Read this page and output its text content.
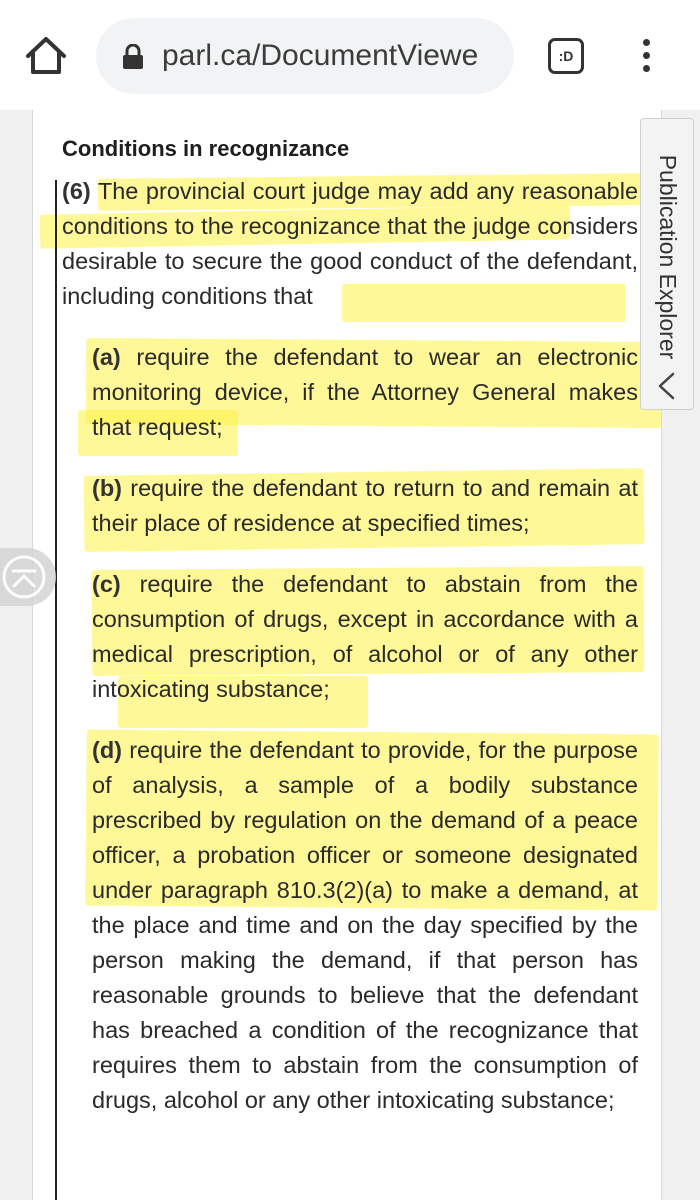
parl.ca/DocumentViewe	:D
Conditions in recognizance

(6) The provincial court judge may add any reasonable conditions to the recognizance that the judge considers desirable to secure the good conduct of the defendant, including conditions that

(a) require the defendant to wear an electronic monitoring device, if the Attorney General makes that request;

(b) require the defendant to return to and remain at their place of residence at specified times;

(c) require the defendant to abstain from the consumption of drugs, except in accordance with a medical prescription, of alcohol or of any other intoxicating substance;

(d) require the defendant to provide, for the purpose of analysis, a sample of a bodily substance prescribed by regulation on the demand of a peace officer, a probation officer or someone designated under paragraph 810.3(2)(a) to make a demand, at the place and time and on the day specified by the person making the demand, if that person has reasonable grounds to believe that the defendant has breached a condition of the recognizance that requires them to abstain from the consumption of drugs, alcohol or any other intoxicating substance;

Publication Explorer
